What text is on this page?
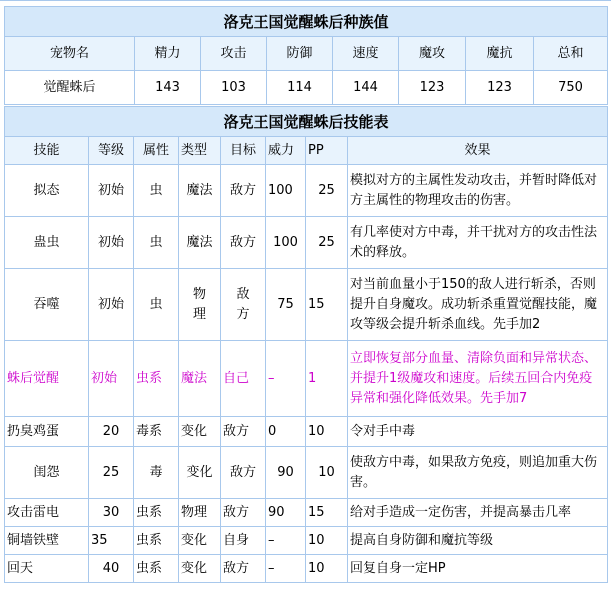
洛克王国觉醒蛛后种族值							
宠物名	精力	攻击	防御	速度	魔攻	魔抗	总和
觉醒蛛后	143	103	114	144	123	123	750
洛克王国觉醒蛛后技能表							
技能	等级	属性	类型	目标	威力	PP	效果
拟态	初始	虫	魔法	敌方	100	25	模拟对方的主属性发动攻击，并暂时降低对方主属性的物理攻击的伤害。
蛊虫	初始	虫	魔法	敌方	100	25	有几率使对方中毒，并干扰对方的攻击性法术的释放。
吞噬	初始	虫	物理	敌方	75	15	对当前血量小于150的敌人进行斩杀，否则提升自身魔攻。成功斩杀重置觉醒技能，魔攻等级会提升斩杀血线。先手加2
蛛后觉醒	初始	虫系	魔法	自己	–	1	立即恢复部分血量、清除负面和异常状态、并提升1级魔攻和速度。后续五回合内免疫异常和强化降低效果。先手加7
扔臭鸡蛋	20	毒系	变化	敌方	0	10	令对手中毒
闺怨	25	毒	变化	敌方	90	10	使敌方中毒，如果敌方免疫，则追加重大伤害。
攻击雷电	30	虫系	物理	敌方	90	15	给对手造成一定伤害，并提高暴击几率
铜墙铁壁	35	虫系	变化	自身	–	10	提高自身防御和魔抗等级
回天	40	虫系	变化	敌方	–	10	回复自身一定HP
